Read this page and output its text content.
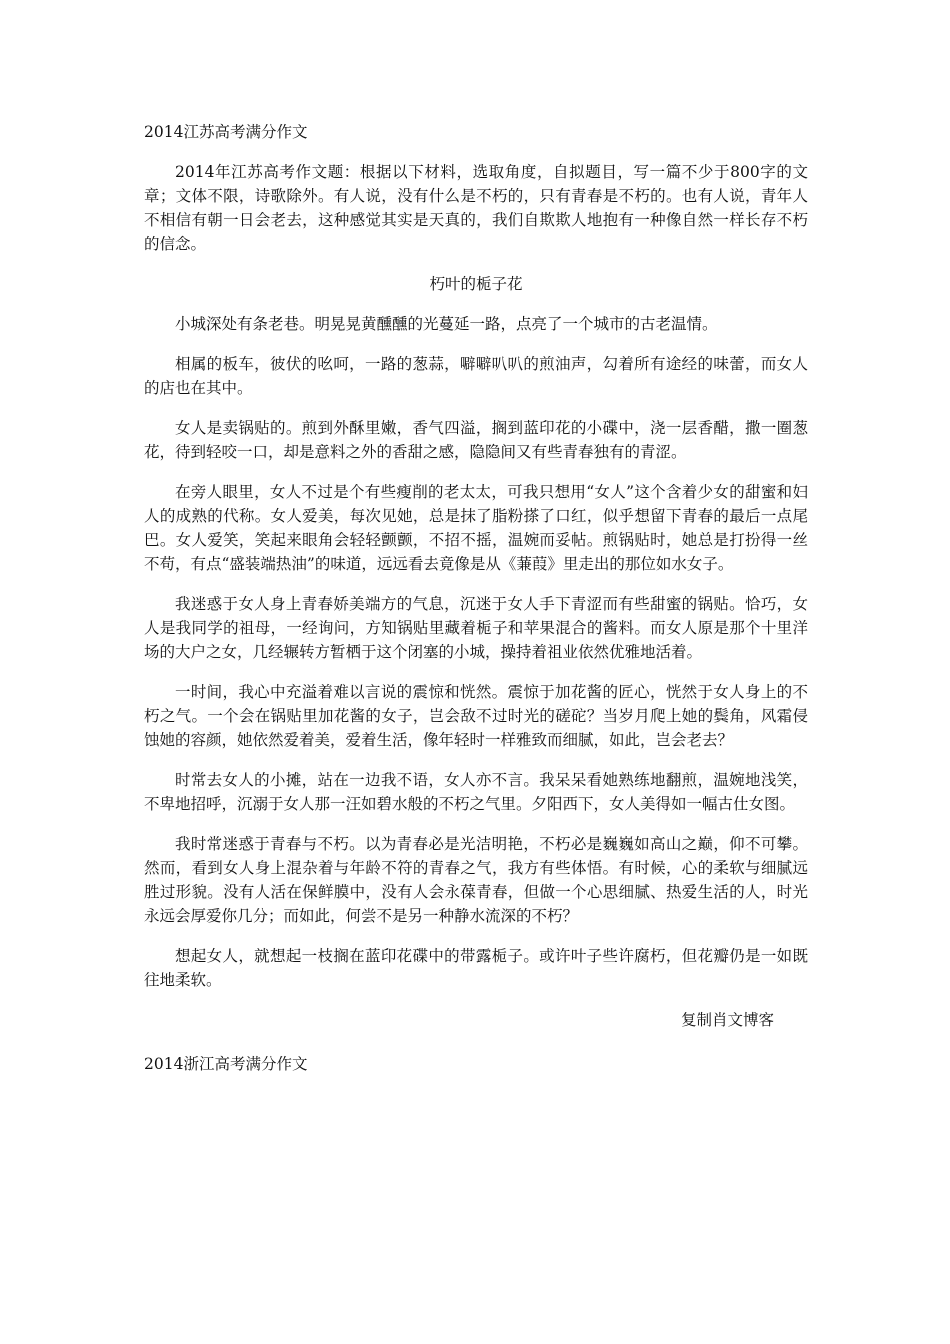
2014江苏高考满分作文

2014年江苏高考作文题：根据以下材料，选取角度，自拟题目，写一篇不少于800字的文章；文体不限，诗歌除外。有人说，没有什么是不朽的，只有青春是不朽的。也有人说，青年人不相信有朝一日会老去，这种感觉其实是天真的，我们自欺欺人地抱有一种像自然一样长存不朽的信念。

朽叶的栀子花

小城深处有条老巷。明晃晃黄醺醺的光蔓延一路，点亮了一个城市的古老温情。

相属的板车，彼伏的吆呵，一路的葱蒜，噼噼叭叭的煎油声，勾着所有途经的味蕾，而女人的店也在其中。

女人是卖锅贴的。煎到外酥里嫩，香气四溢，搁到蓝印花的小碟中，浇一层香醋，撒一圈葱花，待到轻咬一口，却是意料之外的香甜之感，隐隐间又有些青春独有的青涩。

在旁人眼里，女人不过是个有些瘦削的老太太，可我只想用“女人”这个含着少女的甜蜜和妇人的成熟的代称。女人爱美，每次见她，总是抹了脂粉搽了口红，似乎想留下青春的最后一点尾巴。女人爱笑，笑起来眼角会轻轻颤颤，不招不摇，温婉而妥帖。煎锅贴时，她总是打扮得一丝不苟，有点“盛装端热油”的味道，远远看去竟像是从《蒹葭》里走出的那位如水女子。

我迷惑于女人身上青春娇美端方的气息，沉迷于女人手下青涩而有些甜蜜的锅贴。恰巧，女人是我同学的祖母，一经询问，方知锅贴里藏着栀子和苹果混合的酱料。而女人原是那个十里洋场的大户之女，几经辗转方暂栖于这个闭塞的小城，操持着祖业依然优雅地活着。

一时间，我心中充溢着难以言说的震惊和恍然。震惊于加花酱的匠心，恍然于女人身上的不朽之气。一个会在锅贴里加花酱的女子，岂会敌不过时光的磋砣？当岁月爬上她的鬓角，风霜侵蚀她的容颜，她依然爱着美，爱着生活，像年轻时一样雅致而细腻，如此，岂会老去？

时常去女人的小摊，站在一边我不语，女人亦不言。我呆呆看她熟练地翻煎，温婉地浅笑，不卑地招呼，沉溺于女人那一汪如碧水般的不朽之气里。夕阳西下，女人美得如一幅古仕女图。

我时常迷惑于青春与不朽。以为青春必是光洁明艳，不朽必是巍巍如高山之巅，仰不可攀。然而，看到女人身上混杂着与年龄不符的青春之气，我方有些体悟。有时候，心的柔软与细腻远胜过形貌。没有人活在保鲜膜中，没有人会永葆青春，但做一个心思细腻、热爱生活的人，时光永远会厚爱你几分；而如此，何尝不是另一种静水流深的不朽？

想起女人，就想起一枝搁在蓝印花碟中的带露栀子。或许叶子些许腐朽，但花瓣仍是一如既往地柔软。

复制肖文博客

2014浙江高考满分作文
